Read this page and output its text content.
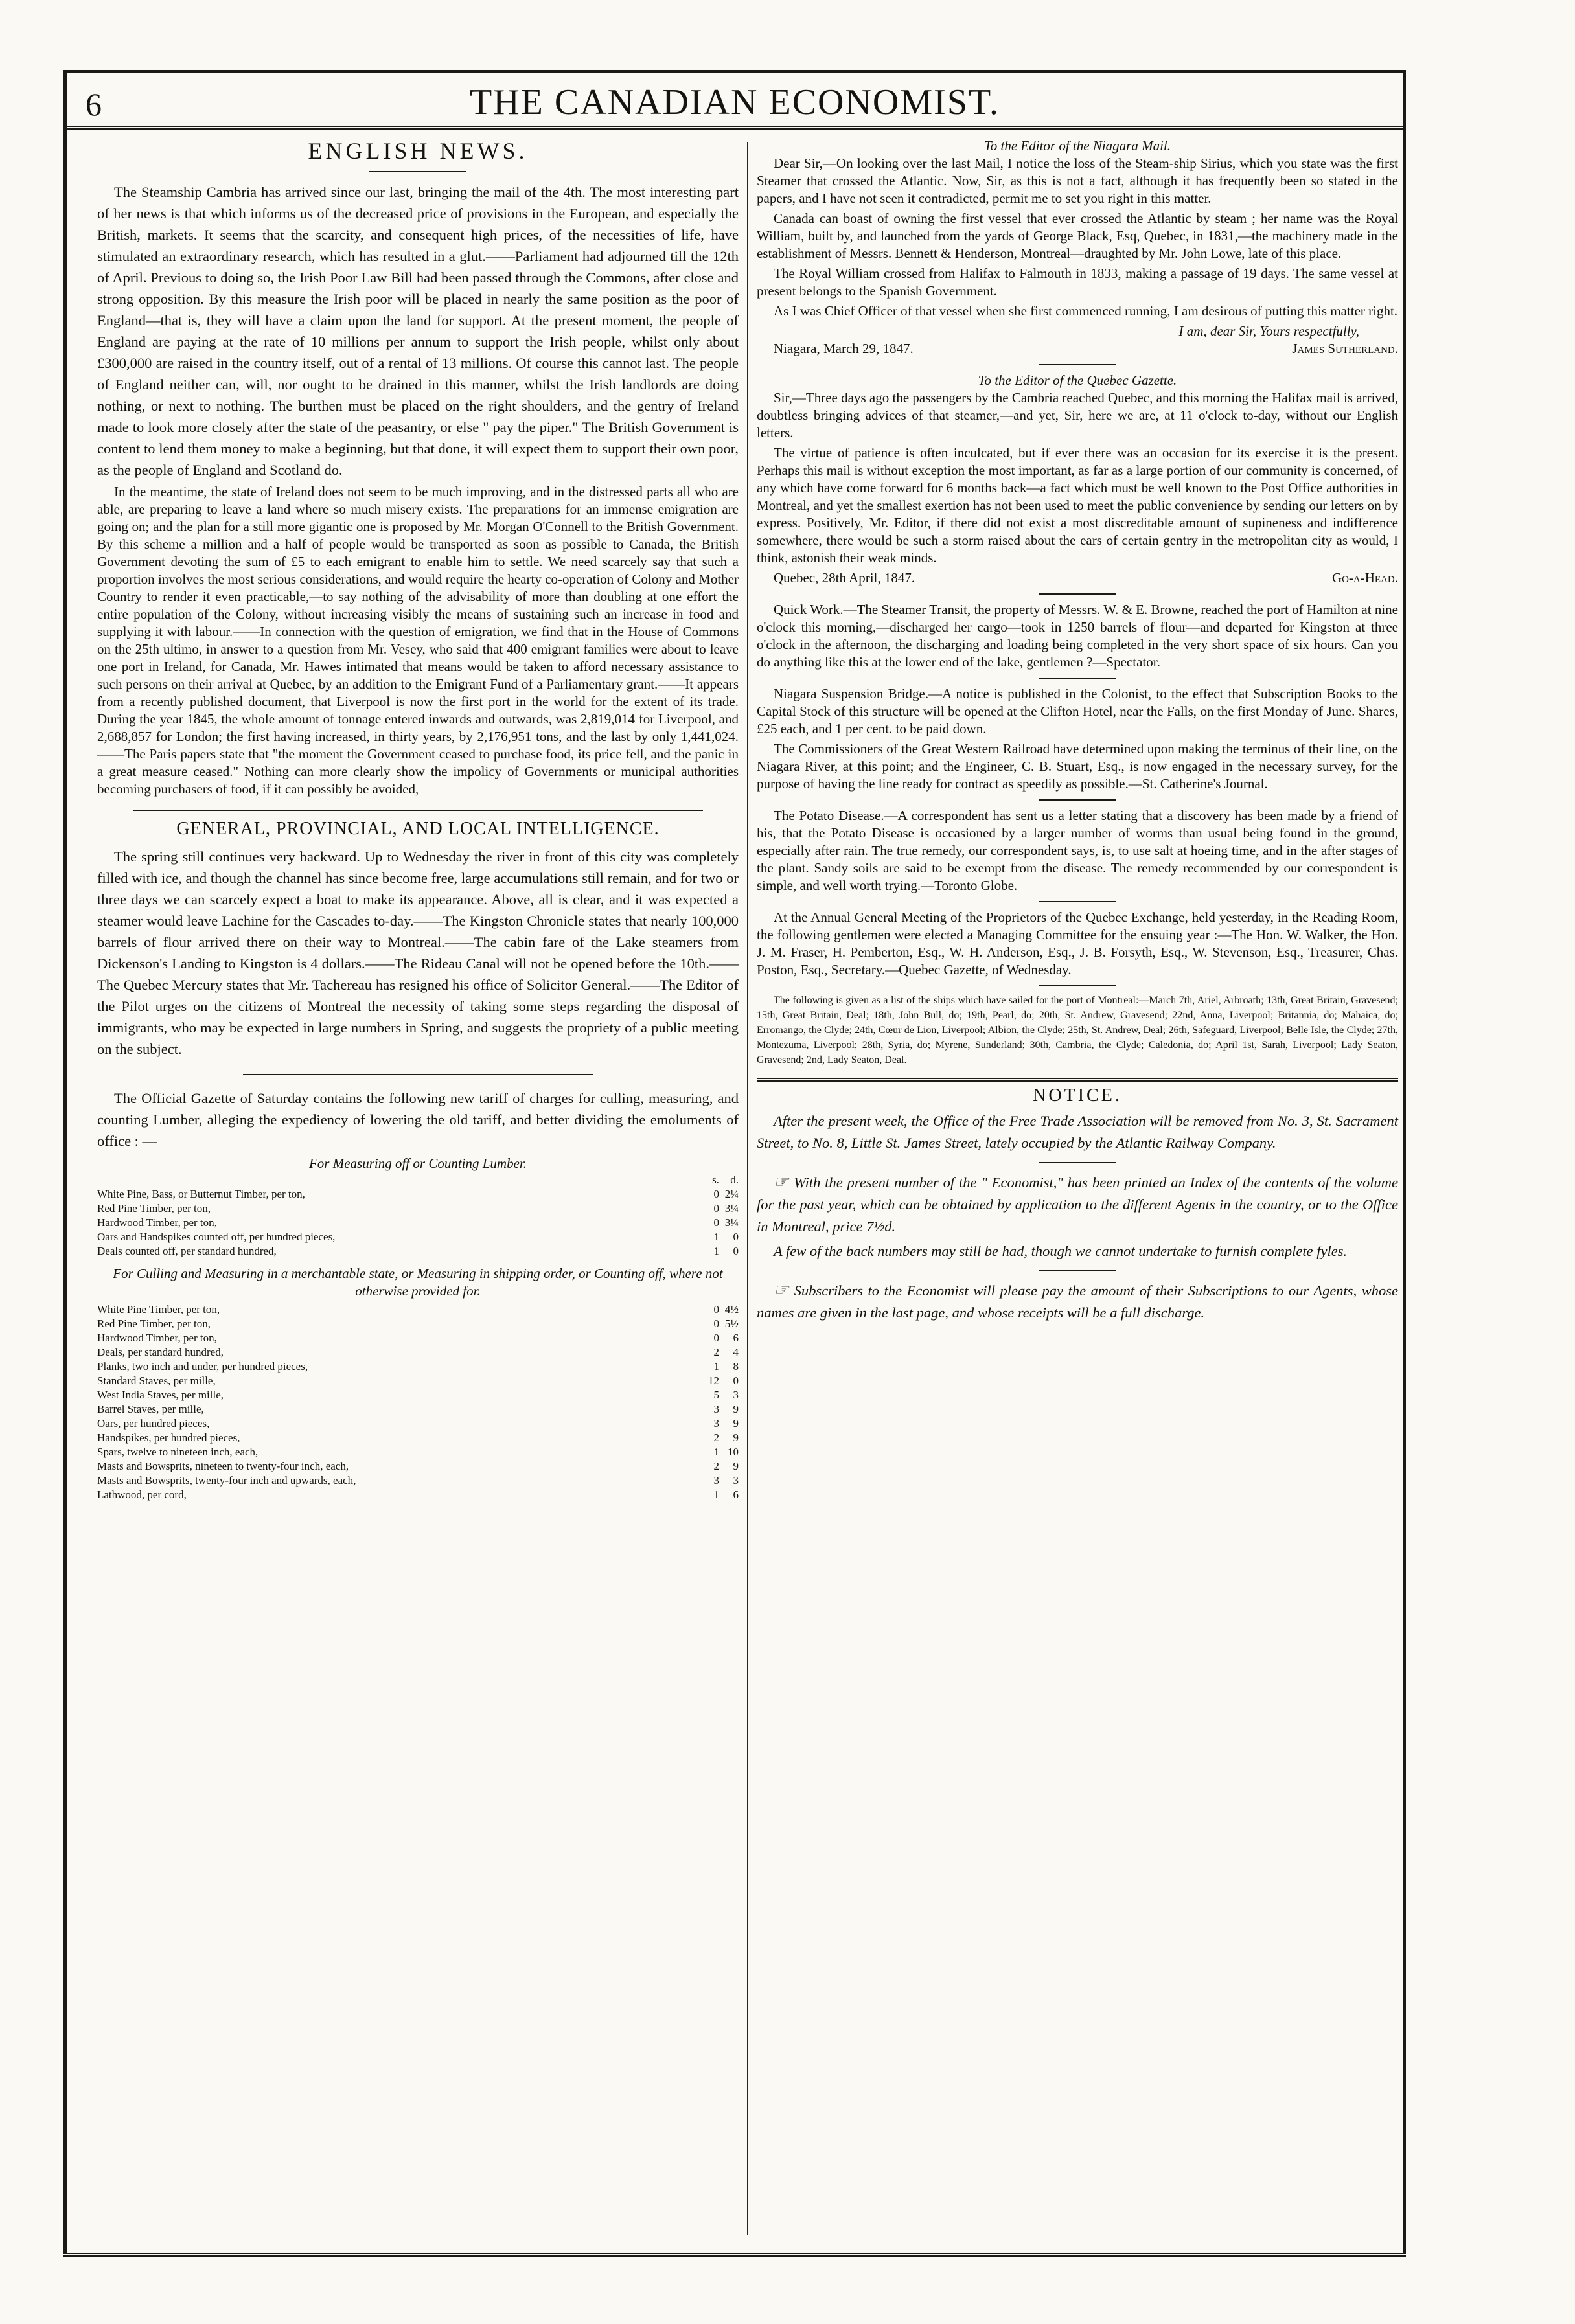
6	THE CANADIAN ECONOMIST.
ENGLISH NEWS.

The Steamship Cambria has arrived since our last, bringing the mail of the 4th. The most interesting part of her news is that which informs us of the decreased price of provisions in the European, and especially the British, markets. It seems that the scarcity, and consequent high prices, of the necessities of life, have stimulated an extraordinary research, which has resulted in a glut.——Parliament had adjourned till the 12th of April. Previous to doing so, the Irish Poor Law Bill had been passed through the Commons, after close and strong opposition. By this measure the Irish poor will be placed in nearly the same position as the poor of England—that is, they will have a claim upon the land for support. At the present moment, the people of England are paying at the rate of 10 millions per annum to support the Irish people, whilst only about £300,000 are raised in the country itself, out of a rental of 13 millions. Of course this cannot last. The people of England neither can, will, nor ought to be drained in this manner, whilst the Irish landlords are doing nothing, or next to nothing. The burthen must be placed on the right shoulders, and the gentry of Ireland made to look more closely after the state of the peasantry, or else " pay the piper." The British Government is content to lend them money to make a beginning, but that done, it will expect them to support their own poor, as the people of England and Scotland do.

In the meantime, the state of Ireland does not seem to be much improving, and in the distressed parts all who are able, are preparing to leave a land where so much misery exists. The preparations for an immense emigration are going on; and the plan for a still more gigantic one is proposed by Mr. Morgan O'Connell to the British Government. By this scheme a million and a half of people would be transported as soon as possible to Canada, the British Government devoting the sum of £5 to each emigrant to enable him to settle. We need scarcely say that such a proportion involves the most serious considerations, and would require the hearty co-operation of Colony and Mother Country to render it even practicable,—to say nothing of the advisability of more than doubling at one effort the entire population of the Colony, without increasing visibly the means of sustaining such an increase in food and supplying it with labour.——In connection with the question of emigration, we find that in the House of Commons on the 25th ultimo, in answer to a question from Mr. Vesey, who said that 400 emigrant families were about to leave one port in Ireland, for Canada, Mr. Hawes intimated that means would be taken to afford necessary assistance to such persons on their arrival at Quebec, by an addition to the Emigrant Fund of a Parliamentary grant.——It appears from a recently published document, that Liverpool is now the first port in the world for the extent of its trade. During the year 1845, the whole amount of tonnage entered inwards and outwards, was 2,819,014 for Liverpool, and 2,688,857 for London; the first having increased, in thirty years, by 2,176,951 tons, and the last by only 1,441,024.——The Paris papers state that "the moment the Government ceased to purchase food, its price fell, and the panic in a great measure ceased." Nothing can more clearly show the impolicy of Governments or municipal authorities becoming purchasers of food, if it can possibly be avoided,

GENERAL, PROVINCIAL, AND LOCAL INTELLIGENCE.

The spring still continues very backward. Up to Wednesday the river in front of this city was completely filled with ice, and though the channel has since become free, large accumulations still remain, and for two or three days we can scarcely expect a boat to make its appearance. Above, all is clear, and it was expected a steamer would leave Lachine for the Cascades to-day.——The Kingston Chronicle states that nearly 100,000 barrels of flour arrived there on their way to Montreal.——The cabin fare of the Lake steamers from Dickenson's Landing to Kingston is 4 dollars.——The Rideau Canal will not be opened before the 10th.——The Quebec Mercury states that Mr. Tachereau has resigned his office of Solicitor General.——The Editor of the Pilot urges on the citizens of Montreal the necessity of taking some steps regarding the disposal of immigrants, who may be expected in large numbers in Spring, and suggests the propriety of a public meeting on the subject.

The Official Gazette of Saturday contains the following new tariff of charges for culling, measuring, and counting Lumber, alleging the expediency of lowering the old tariff, and better dividing the emoluments of office : —

For Measuring off or Counting Lumber.
	s.	d.
White Pine, Bass, or Butternut Timber, per ton,	0	2¼
Red Pine Timber, per ton,	0	3¼
Hardwood Timber, per ton,	0	3¼
Oars and Handspikes counted off, per hundred pieces,	1	0
Deals counted off, per standard hundred,	1	0
For Culling and Measuring in a merchantable state, or Measuring in shipping order, or Counting off, where not otherwise provided for.
White Pine Timber, per ton,	0	4½
Red Pine Timber, per ton,	0	5½
Hardwood Timber, per ton,	0	6
Deals, per standard hundred,	2	4
Planks, two inch and under, per hundred pieces,	1	8
Standard Staves, per mille,	12	0
West India Staves, per mille,	5	3
Barrel Staves, per mille,	3	9
Oars, per hundred pieces,	3	9
Handspikes, per hundred pieces,	2	9
Spars, twelve to nineteen inch, each,	1	10
Masts and Bowsprits, nineteen to twenty-four inch, each,	2	9
Masts and Bowsprits, twenty-four inch and upwards, each,	3	3
Lathwood, per cord,	1	6
To the Editor of the Niagara Mail.

Dear Sir,—On looking over the last Mail, I notice the loss of the Steam-ship Sirius, which you state was the first Steamer that crossed the Atlantic. Now, Sir, as this is not a fact, although it has frequently been so stated in the papers, and I have not seen it contradicted, permit me to set you right in this matter.

Canada can boast of owning the first vessel that ever crossed the Atlantic by steam ; her name was the Royal William, built by, and launched from the yards of George Black, Esq, Quebec, in 1831,—the machinery made in the establishment of Messrs. Bennett & Henderson, Montreal—draughted by Mr. John Lowe, late of this place.

The Royal William crossed from Halifax to Falmouth in 1833, making a passage of 19 days. The same vessel at present belongs to the Spanish Government.

As I was Chief Officer of that vessel when she first commenced running, I am desirous of putting this matter right.

I am, dear Sir, Yours respectfully,
Niagara, March 29, 1847.	James Sutherland.
To the Editor of the Quebec Gazette.

Sir,—Three days ago the passengers by the Cambria reached Quebec, and this morning the Halifax mail is arrived, doubtless bringing advices of that steamer,—and yet, Sir, here we are, at 11 o'clock to-day, without our English letters.

The virtue of patience is often inculcated, but if ever there was an occasion for its exercise it is the present. Perhaps this mail is without exception the most important, as far as a large portion of our community is concerned, of any which have come forward for 6 months back—a fact which must be well known to the Post Office authorities in Montreal, and yet the smallest exertion has not been used to meet the public convenience by sending our letters on by express. Positively, Mr. Editor, if there did not exist a most discreditable amount of supineness and indifference somewhere, there would be such a storm raised about the ears of certain gentry in the metropolitan city as would, I think, astonish their weak minds.

Quebec, 28th April, 1847.	Go-a-Head.

Quick Work.—The Steamer Transit, the property of Messrs. W. & E. Browne, reached the port of Hamilton at nine o'clock this morning,—discharged her cargo—took in 1250 barrels of flour—and departed for Kingston at three o'clock in the afternoon, the discharging and loading being completed in the very short space of six hours. Can you do anything like this at the lower end of the lake, gentlemen ?—Spectator.

Niagara Suspension Bridge.—A notice is published in the Colonist, to the effect that Subscription Books to the Capital Stock of this structure will be opened at the Clifton Hotel, near the Falls, on the first Monday of June. Shares, £25 each, and 1 per cent. to be paid down.

The Commissioners of the Great Western Railroad have determined upon making the terminus of their line, on the Niagara River, at this point; and the Engineer, C. B. Stuart, Esq., is now engaged in the necessary survey, for the purpose of having the line ready for contract as speedily as possible.—St. Catherine's Journal.

The Potato Disease.—A correspondent has sent us a letter stating that a discovery has been made by a friend of his, that the Potato Disease is occasioned by a larger number of worms than usual being found in the ground, especially after rain. The true remedy, our correspondent says, is, to use salt at hoeing time, and in the after stages of the plant. Sandy soils are said to be exempt from the disease. The remedy recommended by our correspondent is simple, and well worth trying.—Toronto Globe.

At the Annual General Meeting of the Proprietors of the Quebec Exchange, held yesterday, in the Reading Room, the following gentlemen were elected a Managing Committee for the ensuing year :—The Hon. W. Walker, the Hon. J. M. Fraser, H. Pemberton, Esq., W. H. Anderson, Esq., J. B. Forsyth, Esq., W. Stevenson, Esq., Treasurer, Chas. Poston, Esq., Secretary.—Quebec Gazette, of Wednesday.

The following is given as a list of the ships which have sailed for the port of Montreal:—March 7th, Ariel, Arbroath; 13th, Great Britain, Gravesend; 15th, Great Britain, Deal; 18th, John Bull, do; 19th, Pearl, do; 20th, St. Andrew, Gravesend; 22nd, Anna, Liverpool; Britannia, do; Mahaica, do; Erromango, the Clyde; 24th, Cœur de Lion, Liverpool; Albion, the Clyde; 25th, St. Andrew, Deal; 26th, Safeguard, Liverpool; Belle Isle, the Clyde; 27th, Montezuma, Liverpool; 28th, Syria, do; Myrene, Sunderland; 30th, Cambria, the Clyde; Caledonia, do; April 1st, Sarah, Liverpool; Lady Seaton, Gravesend; 2nd, Lady Seaton, Deal.

NOTICE.

After the present week, the Office of the Free Trade Association will be removed from No. 3, St. Sacrament Street, to No. 8, Little St. James Street, lately occupied by the Atlantic Railway Company.

☞ With the present number of the " Economist," has been printed an Index of the contents of the volume for the past year, which can be obtained by application to the different Agents in the country, or to the Office in Montreal, price 7½d.

A few of the back numbers may still be had, though we cannot undertake to furnish complete fyles.

☞ Subscribers to the Economist will please pay the amount of their Subscriptions to our Agents, whose names are given in the last page, and whose receipts will be a full discharge.
